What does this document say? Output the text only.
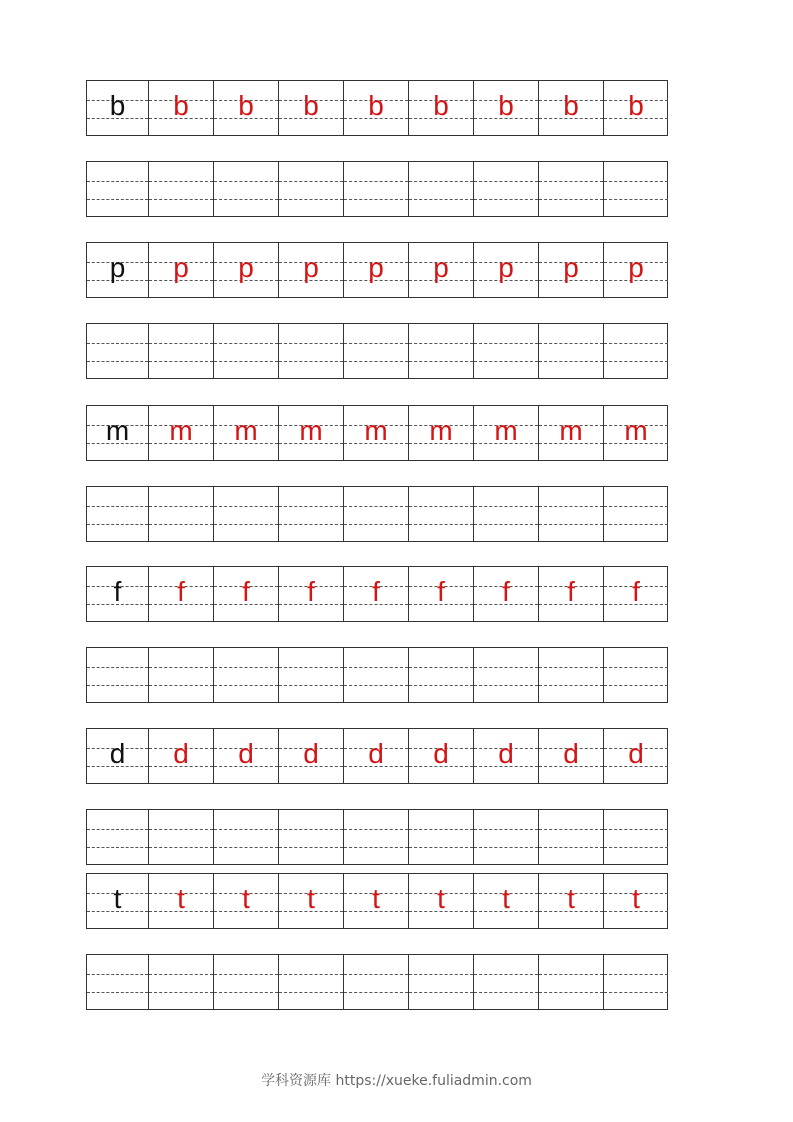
b	b	b	b	b	b	b	b	b
p	p	p	p	p	p	p	p	p
m	m	m	m	m	m	m	m	m
f	f	f	f	f	f	f	f	f
d	d	d	d	d	d	d	d	d
t	t	t	t	t	t	t	t	t
学科资源库 https://xueke.fuliadmin.com
